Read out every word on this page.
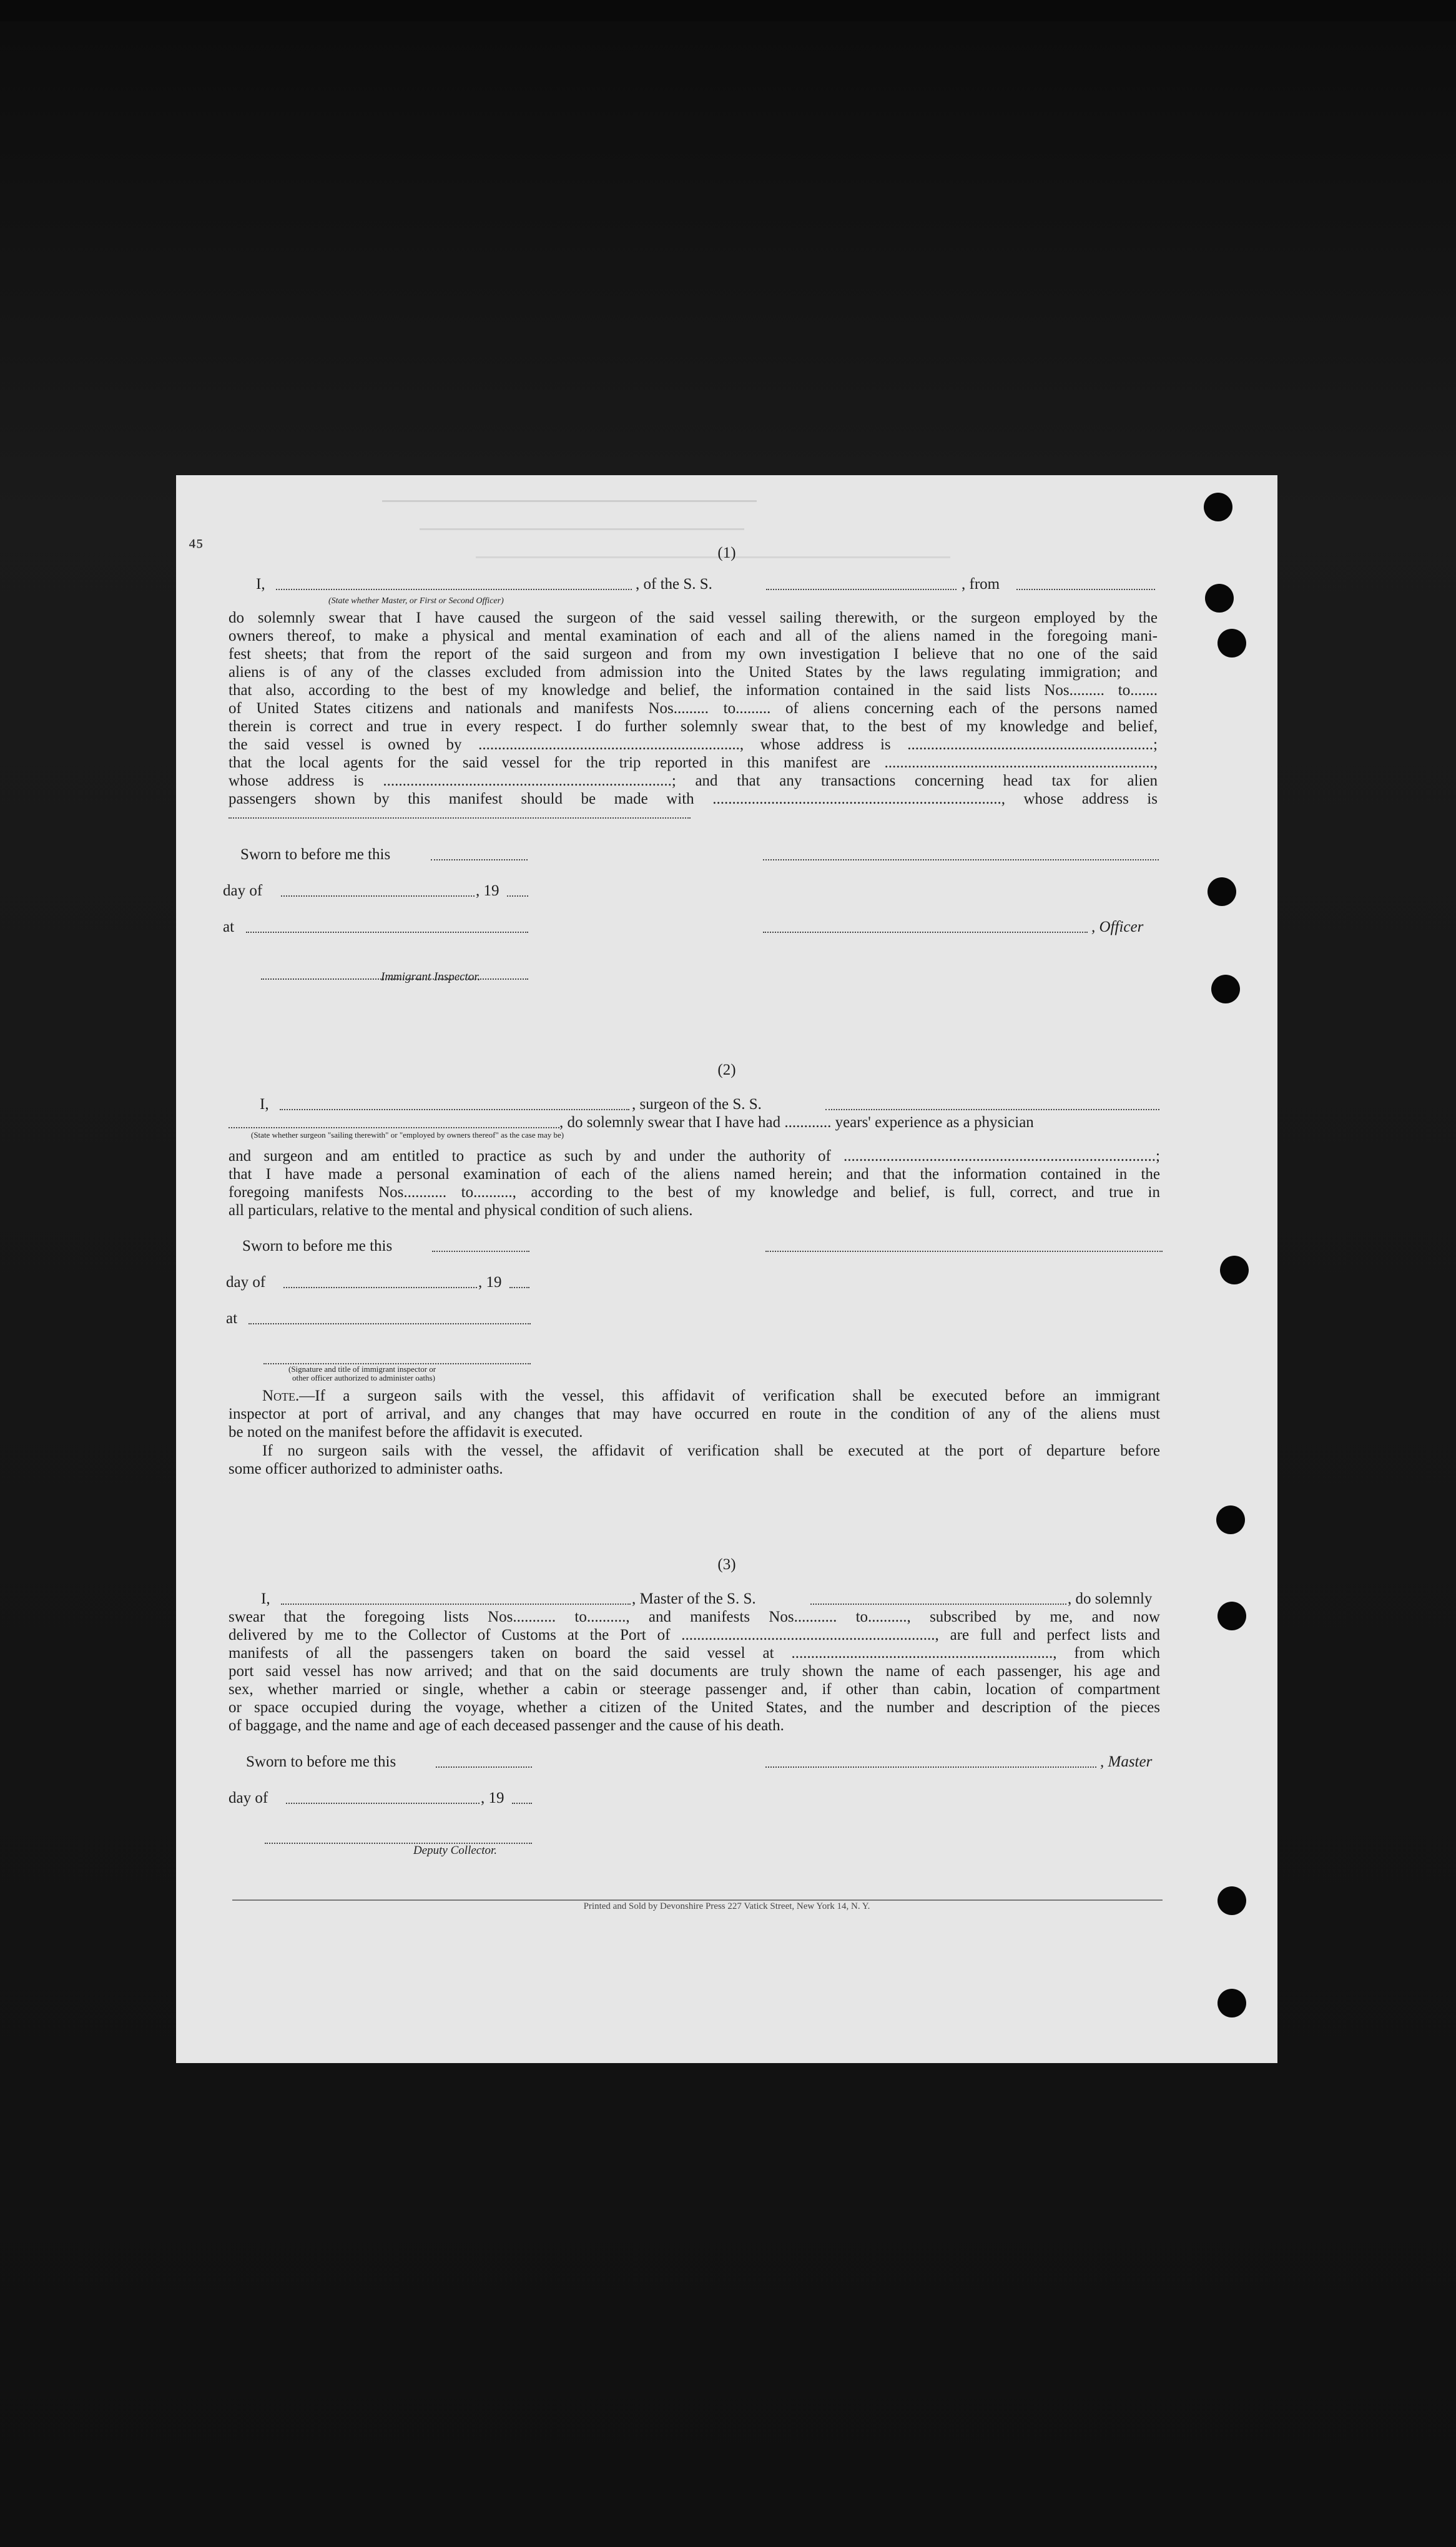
⁴⁵	(1)
I,	, of the S. S.	, from
(State whether Master, or First or Second Officer)
do solemnly swear that I have caused the surgeon of the said vessel sailing therewith, or the surgeon employed by the
owners thereof, to make a physical and mental examination of each and all of the aliens named in the foregoing mani-
fest sheets; that from the report of the said surgeon and from my own investigation I believe that no one of the said
aliens is of any of the classes excluded from admission into the United States by the laws regulating immigration; and
that also, according to the best of my knowledge and belief, the information contained in the said lists Nos......... to.......
of United States citizens and nationals and manifests Nos......... to......... of aliens concerning each of the persons named
therein is correct and true in every respect. I do further solemnly swear that, to the best of my knowledge and belief,
the said vessel is owned by ..................................................................., whose address is ...............................................................;
that the local agents for the said vessel for the trip reported in this manifest are .....................................................................,
whose address is ..........................................................................; and that any transactions concerning head tax for alien
passengers shown by this manifest should be made with .........................................................................., whose address is
Sworn to before me this
day of	, 19
at	, Officer
Immigrant Inspector.
(2)
I,	, surgeon of the S. S.
, do solemnly swear that I have had ............ years' experience as a physician
(State whether surgeon "sailing therewith" or "employed by owners thereof" as the case may be)
and surgeon and am entitled to practice as such by and under the authority of ................................................................................;
that I have made a personal examination of each of the aliens named herein; and that the information contained in the
foregoing manifests Nos........... to.........., according to the best of my knowledge and belief, is full, correct, and true in
all particulars, relative to the mental and physical condition of such aliens.
Sworn to before me this
day of	, 19
at
(Signature and title of immigrant inspector or
other officer authorized to administer oaths)
Note.—If a surgeon sails with the vessel, this affidavit of verification shall be executed before an immigrant
inspector at port of arrival, and any changes that may have occurred en route in the condition of any of the aliens must
be noted on the manifest before the affidavit is executed.
If no surgeon sails with the vessel, the affidavit of verification shall be executed at the port of departure before
some officer authorized to administer oaths.
(3)
I,	, Master of the S. S.	, do solemnly
swear that the foregoing lists Nos........... to.........., and manifests Nos........... to.........., subscribed by me, and now
delivered by me to the Collector of Customs at the Port of ................................................................., are full and perfect lists and
manifests of all the passengers taken on board the said vessel at ..................................................................., from which
port said vessel has now arrived; and that on the said documents are truly shown the name of each passenger, his age and
sex, whether married or single, whether a cabin or steerage passenger and, if other than cabin, location of compartment
or space occupied during the voyage, whether a citizen of the United States, and the number and description of the pieces
of baggage, and the name and age of each deceased passenger and the cause of his death.
Sworn to before me this	, Master
day of	, 19
Deputy Collector.
Printed and Sold by Devonshire Press 227 Vatick Street, New York 14, N. Y.
